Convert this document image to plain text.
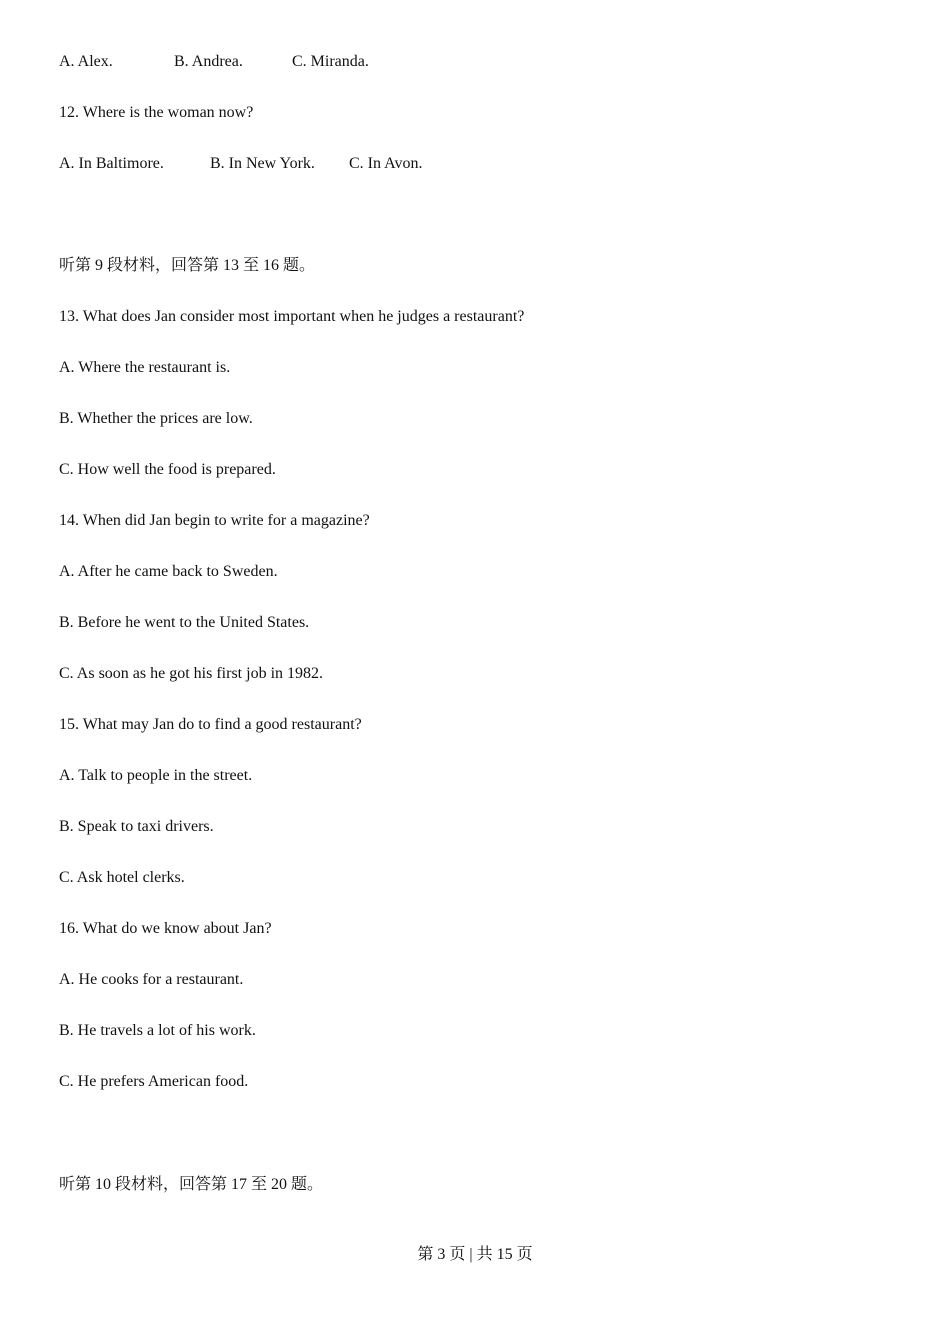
A. Alex.	B. Andrea.	C. Miranda.
12. Where is the woman now?
A. In Baltimore.	B. In New York. C. In Avon.
听第 9 段材料，回答第 13 至 16 题。
13. What does Jan consider most important when he judges a restaurant?
A. Where the restaurant is.
B. Whether the prices are low.
C. How well the food is prepared.
14. When did Jan begin to write for a magazine?
A. After he came back to Sweden.
B. Before he went to the United States.
C. As soon as he got his first job in 1982.
15. What may Jan do to find a good restaurant?
A. Talk to people in the street.
B. Speak to taxi drivers.
C. Ask hotel clerks.
16. What do we know about Jan?
A. He cooks for a restaurant.
B. He travels a lot of his work.
C. He prefers American food.
听第 10 段材料，回答第 17 至 20 题。
第 3 页 | 共 15 页
